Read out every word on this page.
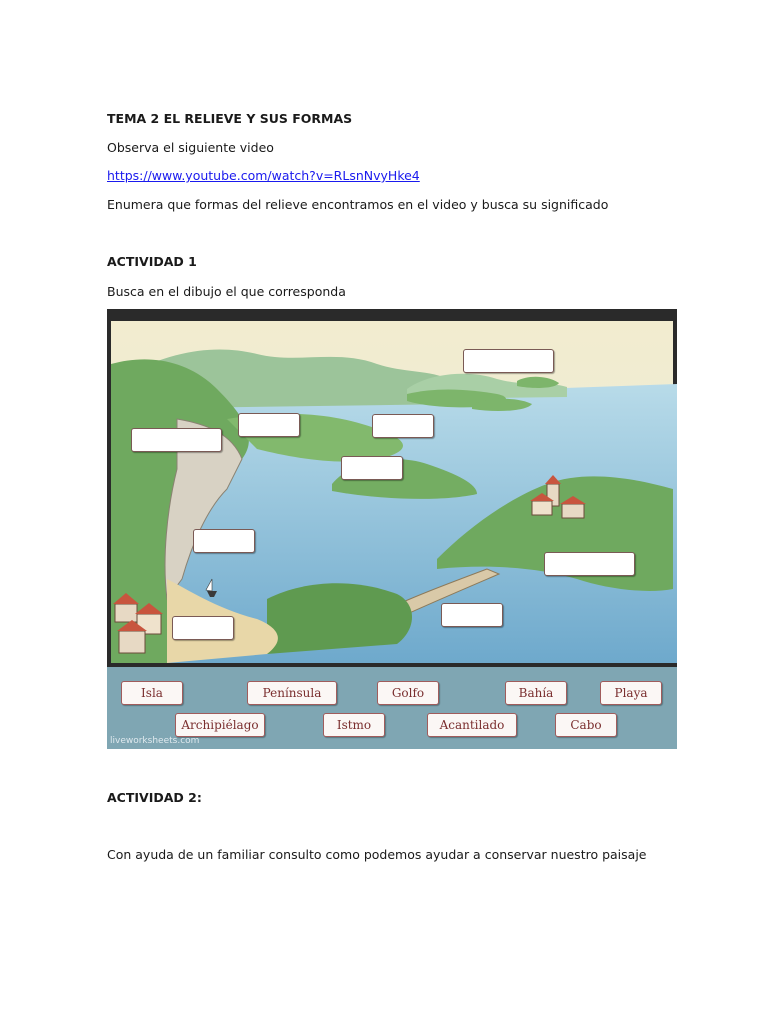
TEMA 2 EL RELIEVE Y SUS FORMAS
Observa el siguiente video
https://www.youtube.com/watch?v=RLsnNvyHke4
Enumera que formas del relieve encontramos en el video y busca su significado
ACTIVIDAD 1
Busca en el dibujo el que corresponda
Isla	Península	Golfo	Bahía	Playa
Archipiélago	Istmo	Acantilado	Cabo
liveworksheets.com
ACTIVIDAD 2:
Con ayuda de un familiar consulto como podemos ayudar a conservar nuestro paisaje
